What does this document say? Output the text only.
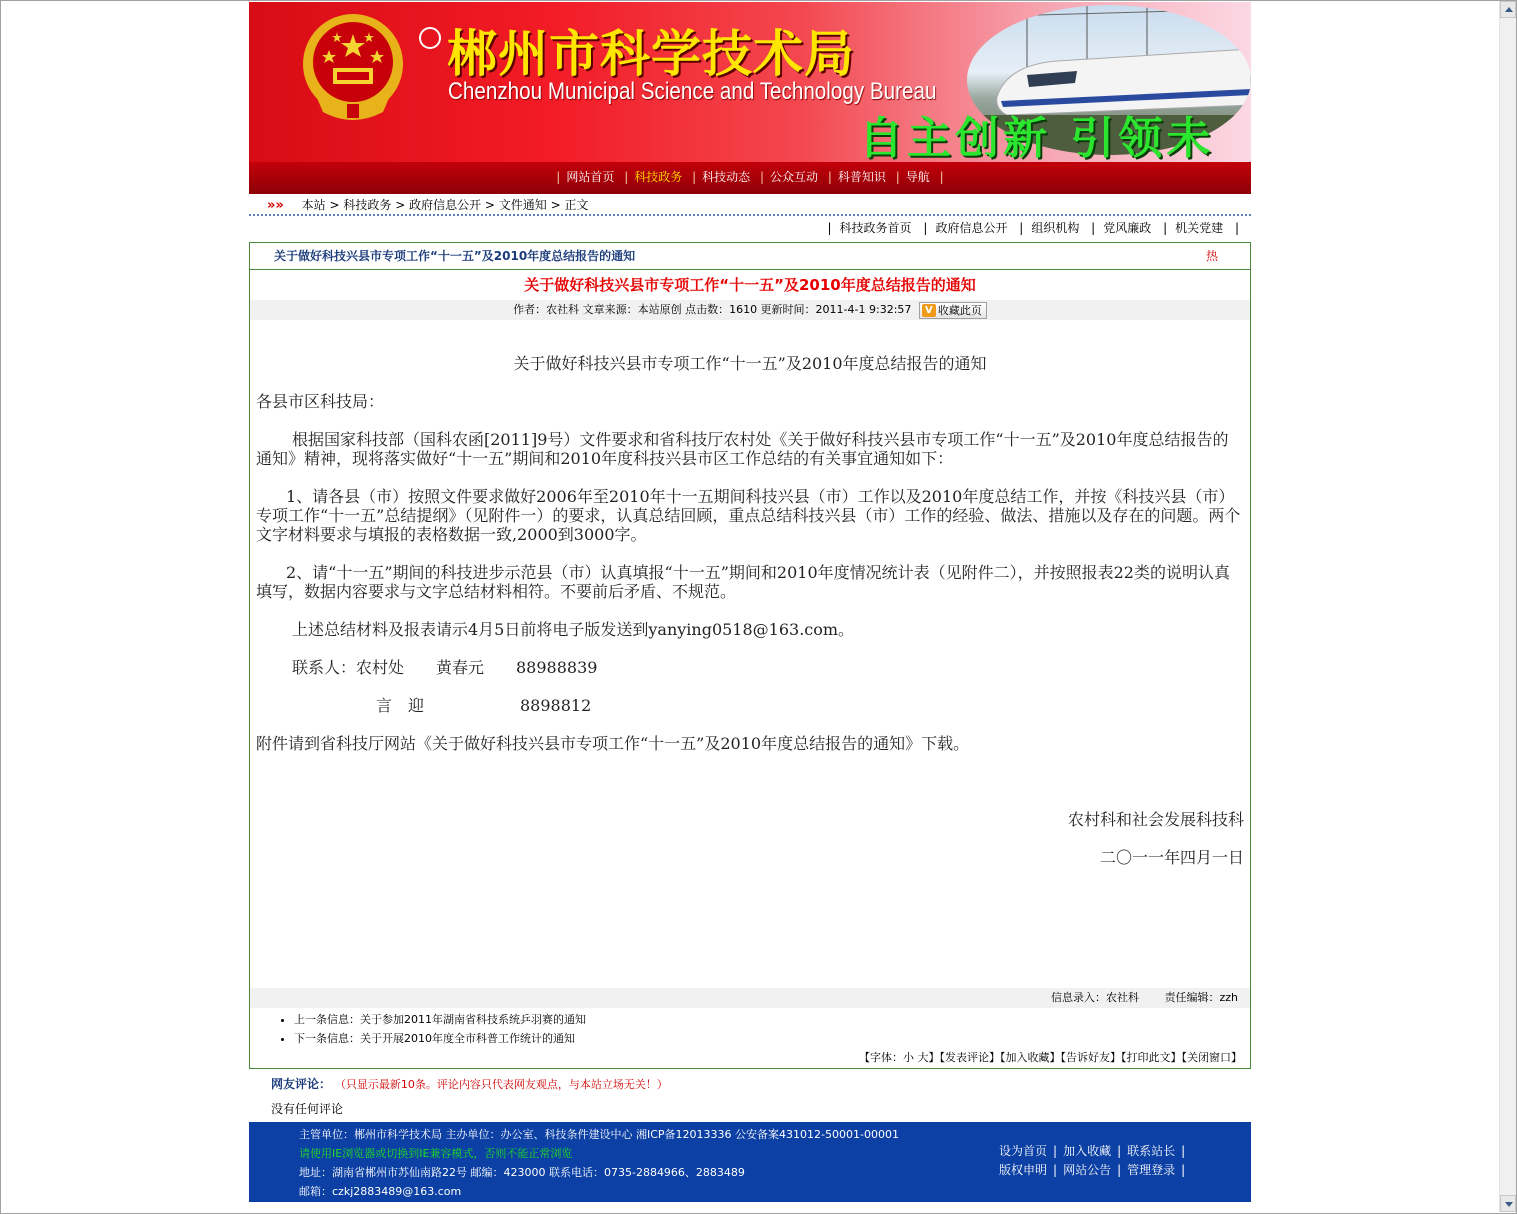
郴州市科学技术局
Chenzhou Municipal Science and Technology Bureau
自主创新 引领未
| 网站首页 | 科技政务 | 科技动态 | 公众互动 | 科普知识 | 导航 |
»» 本站 > 科技政务 > 政府信息公开 > 文件通知 > 正文
| 科技政务首页 | 政府信息公开 | 组织机构 | 党风廉政 | 机关党建 |
关于做好科技兴县市专项工作“十一五”及2010年度总结报告的通知	热
关于做好科技兴县市专项工作“十一五”及2010年度总结报告的通知
作者：农社科 文章来源：本站原创 点击数：1610 更新时间：2011-4-1 9:32:57 V 收藏此页
关于做好科技兴县市专项工作“十一五”及2010年度总结报告的通知

各县市区科技局：

根据国家科技部（国科农函[2011]9号）文件要求和省科技厅农村处《关于做好科技兴县市专项工作“十一五”及2010年度总结报告的通知》精神，现将落实做好“十一五”期间和2010年度科技兴县市区工作总结的有关事宜通知如下：

1、请各县（市）按照文件要求做好2006年至2010年十一五期间科技兴县（市）工作以及2010年度总结工作，并按《科技兴县（市）专项工作“十一五”总结提纲》（见附件一）的要求，认真总结回顾，重点总结科技兴县（市）工作的经验、做法、措施以及存在的问题。两个文字材料要求与填报的表格数据一致,2000到3000字。

2、请“十一五”期间的科技进步示范县（市）认真填报“十一五”期间和2010年度情况统计表（见附件二），并按照报表22类的说明认真填写，数据内容要求与文字总结材料相符。不要前后矛盾、不规范。

上述总结材料及报表请示4月5日前将电子版发送到yanying0518@163.com。

联系人：农村处　　黄春元　　88988839

言　迎　　　　　　8898812

附件请到省科技厅网站《关于做好科技兴县市专项工作“十一五”及2010年度总结报告的通知》下载。

农村科和社会发展科技科

二〇一一年四月一日

信息录入：农社科　　 责任编辑：zzh
• 上一条信息：关于参加2011年湖南省科技系统乒羽赛的通知
• 下一条信息：关于开展2010年度全市科普工作统计的通知
【字体：小 大】【发表评论】【加入收藏】【告诉好友】【打印此文】【关闭窗口】
网友评论： （只显示最新10条。评论内容只代表网友观点，与本站立场无关！）
没有任何评论
主管单位：郴州市科学技术局 主办单位：办公室、科技条件建设中心 湘ICP备12013336 公安备案431012-50001-00001
请使用IE浏览器或切换到IE兼容模式，否则不能正常浏览
地址：湖南省郴州市苏仙南路22号 邮编：423000 联系电话：0735-2884966、2883489
邮箱：czkj2883489@163.com
设为首页 | 加入收藏 | 联系站长 |
版权申明 | 网站公告 | 管理登录 |
